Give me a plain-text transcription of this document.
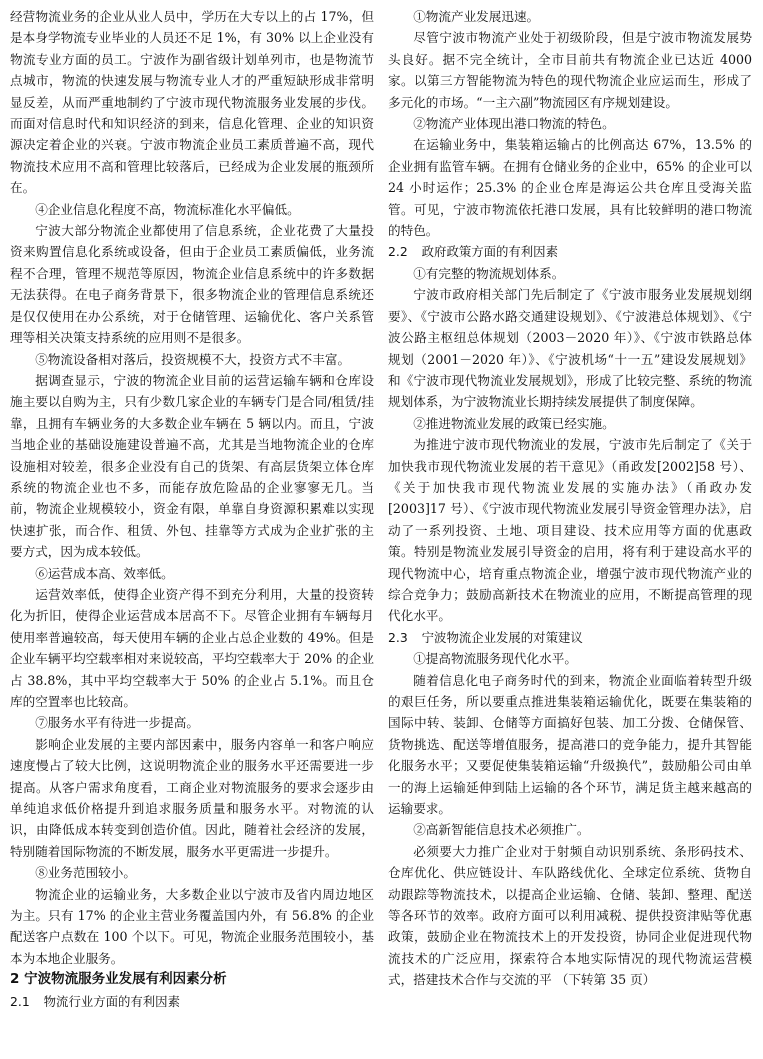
经营物流业务的企业从业人员中，学历在大专以上的占 17%，但是本身学物流专业毕业的人员还不足 1%，有 30% 以上企业没有物流专业方面的员工。宁波作为副省级计划单列市，也是物流节点城市，物流的快速发展与物流专业人才的严重短缺形成非常明显反差，从而严重地制约了宁波市现代物流服务业发展的步伐。而面对信息时代和知识经济的到来，信息化管理、企业的知识资源决定着企业的兴衰。宁波市物流企业员工素质普遍不高，现代物流技术应用不高和管理比较落后，已经成为企业发展的瓶颈所在。

④企业信息化程度不高，物流标准化水平偏低。

宁波大部分物流企业都使用了信息系统，企业花费了大量投资来购置信息化系统或设备，但由于企业员工素质偏低，业务流程不合理，管理不规范等原因，物流企业信息系统中的许多数据无法获得。在电子商务背景下，很多物流企业的管理信息系统还是仅仅使用在办公系统，对于仓储管理、运输优化、客户关系管理等相关决策支持系统的应用则不是很多。

⑤物流设备相对落后，投资规模不大，投资方式不丰富。

据调查显示，宁波的物流企业目前的运营运输车辆和仓库设施主要以自购为主，只有少数几家企业的车辆专门是合同/租赁/挂靠，且拥有车辆业务的大多数企业车辆在 5 辆以内。而且，宁波当地企业的基础设施建设普遍不高，尤其是当地物流企业的仓库设施相对较差，很多企业没有自己的货架、有高层货架立体仓库系统的物流企业也不多，而能存放危险品的企业寥寥无几。当前，物流企业规模较小，资金有限，单靠自身资源积累难以实现快速扩张，而合作、租赁、外包、挂靠等方式成为企业扩张的主要方式，因为成本较低。

⑥运营成本高、效率低。

运营效率低，使得企业资产得不到充分利用，大量的投资转化为折旧，使得企业运营成本居高不下。尽管企业拥有车辆每月使用率普遍较高，每天使用车辆的企业占总企业数的 49%。但是企业车辆平均空载率相对来说较高，平均空载率大于 20% 的企业占 38.8%，其中平均空载率大于 50% 的企业占 5.1%。而且仓库的空置率也比较高。

⑦服务水平有待进一步提高。

影响企业发展的主要内部因素中，服务内容单一和客户响应速度慢占了较大比例，这说明物流企业的服务水平还需要进一步提高。从客户需求角度看，工商企业对物流服务的要求会逐步由单纯追求低价格提升到追求服务质量和服务水平。对物流的认识，由降低成本转变到创造价值。因此，随着社会经济的发展，特别随着国际物流的不断发展，服务水平更需进一步提升。

⑧业务范围较小。

物流企业的运输业务，大多数企业以宁波市及省内周边地区为主。只有 17% 的企业主营业务覆盖国内外，有 56.8% 的企业配送客户点数在 100 个以下。可见，物流企业服务范围较小，基本为本地企业服务。

2 宁波物流服务业发展有利因素分析
2.1 物流行业方面的有利因素

①物流产业发展迅速。

尽管宁波市物流产业处于初级阶段，但是宁波市物流发展势头良好。据不完全统计，全市目前共有物流企业已达近 4000 家。以第三方智能物流为特色的现代物流企业应运而生，形成了多元化的市场。“一主六副”物流园区有序规划建设。

②物流产业体现出港口物流的特色。

在运输业务中，集装箱运输占的比例高达 67%，13.5% 的企业拥有监管车辆。在拥有仓储业务的企业中，65% 的企业可以 24 小时运作；25.3% 的企业仓库是海运公共仓库且受海关监管。可见，宁波市物流依托港口发展，具有比较鲜明的港口物流的特色。

2.2 政府政策方面的有利因素

①有完整的物流规划体系。

宁波市政府相关部门先后制定了《宁波市服务业发展规划纲要》、《宁波市公路水路交通建设规划》、《宁波港总体规划》、《宁波公路主枢纽总体规划（2003－2020 年）》、《宁波市铁路总体规划（2001－2020 年）》、《宁波机场“十一五”建设发展规划》和《宁波市现代物流业发展规划》，形成了比较完整、系统的物流规划体系，为宁波物流业长期持续发展提供了制度保障。

②推进物流业发展的政策已经实施。

为推进宁波市现代物流业的发展，宁波市先后制定了《关于加快我市现代物流业发展的若干意见》（甬政发[2002]58 号）、《关于加快我市现代物流业发展的实施办法》（甬政办发[2003]17 号）、《宁波市现代物流业发展引导资金管理办法》，启动了一系列投资、土地、项目建设、技术应用等方面的优惠政策。特别是物流业发展引导资金的启用，将有利于建设高水平的现代物流中心，培育重点物流企业，增强宁波市现代物流产业的综合竞争力；鼓励高新技术在物流业的应用，不断提高管理的现代化水平。

2.3 宁波物流企业发展的对策建议

①提高物流服务现代化水平。

随着信息化电子商务时代的到来，物流企业面临着转型升级的艰巨任务，所以要重点推进集装箱运输优化，既要在集装箱的国际中转、装卸、仓储等方面搞好包装、加工分拨、仓储保管、货物挑选、配送等增值服务，提高港口的竞争能力，提升其智能化服务水平；又要促使集装箱运输“升级换代”，鼓励船公司由单一的海上运输延伸到陆上运输的各个环节，满足货主越来越高的运输要求。

②高新智能信息技术必须推广。

必须要大力推广企业对于射频自动识别系统、条形码技术、仓库优化、供应链设计、车队路线优化、全球定位系统、货物自动跟踪等物流技术，以提高企业运输、仓储、装卸、整理、配送等各环节的效率。政府方面可以利用减税、提供投资津贴等优惠政策，鼓励企业在物流技术上的开发投资，协同企业促进现代物流技术的广泛应用，探索符合本地实际情况的现代物流运营模式，搭建技术合作与交流的平 （下转第 35 页）
